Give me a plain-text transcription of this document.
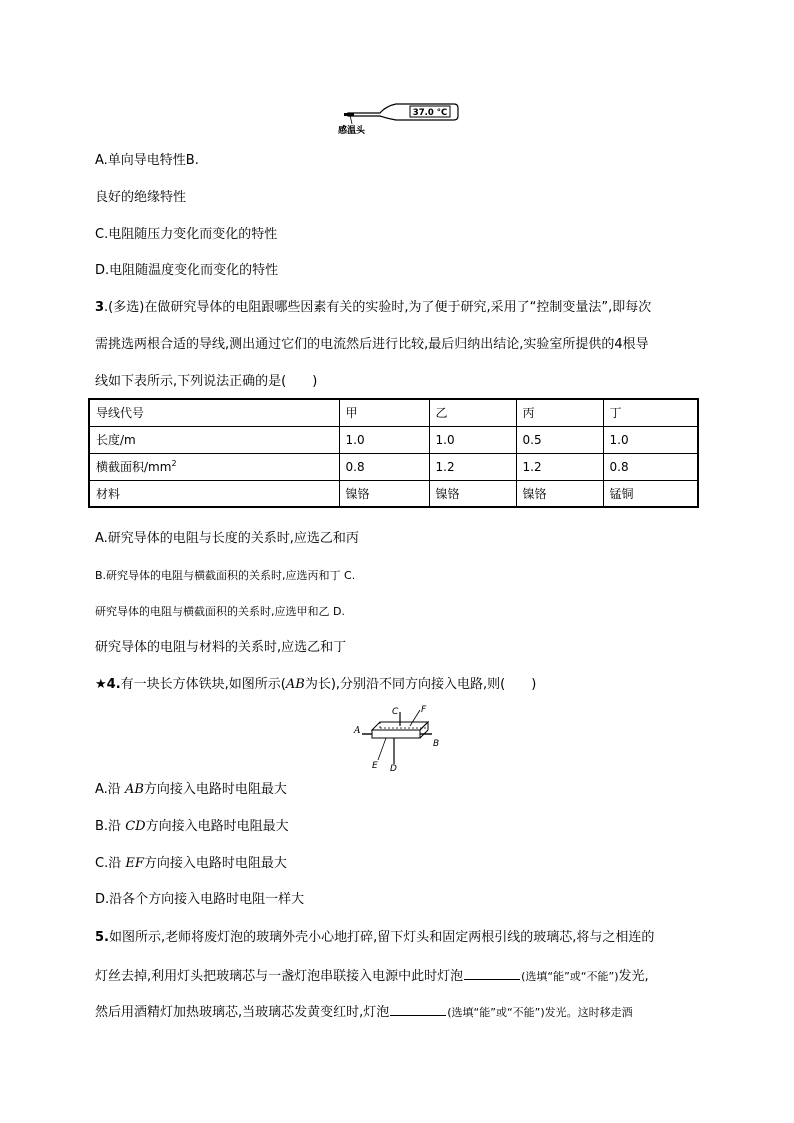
37.0 °C
感温头
A.单向导电特性B.
良好的绝缘特性
C.电阻随压力变化而变化的特性
D.电阻随温度变化而变化的特性
3.(多选)在做研究导体的电阻跟哪些因素有关的实验时,为了便于研究,采用了“控制变量法”,即每次
需挑选两根合适的导线,测出通过它们的电流然后进行比较,最后归纳出结论,实验室所提供的4根导
线如下表所示,下列说法正确的是(　　)
导线代号	甲	乙	丙	丁
长度/m	1.0	1.0	0.5	1.0
横截面积$/mm^2$	0.8	1.2	1.2	0.8
材料	镍铬	镍铬	镍铬	锰铜
A.研究导体的电阻与长度的关系时,应选乙和丙
B.研究导体的电阻与横截面积的关系时,应选丙和丁 C.
研究导体的电阻与横截面积的关系时,应选甲和乙 D.
研究导体的电阻与材料的关系时,应选乙和丁
★4.有一块长方体铁块,如图所示(AB为长),分别沿不同方向接入电路,则(　　)
A
B
C
D
E
F
A.沿 AB方向接入电路时电阻最大
B.沿 CD方向接入电路时电阻最大
C.沿 EF方向接入电路时电阻最大
D.沿各个方向接入电路时电阻一样大
5.如图所示,老师将废灯泡的玻璃外壳小心地打碎,留下灯头和固定两根引线的玻璃芯,将与之相连的
灯丝去掉,利用灯头把玻璃芯与一盏灯泡串联接入电源中此时灯泡	(选填“能”或“不能”)发光,
然后用酒精灯加热玻璃芯,当玻璃芯发黄变红时,灯泡	(选填“能”或“不能”)发光。这时移走酒
